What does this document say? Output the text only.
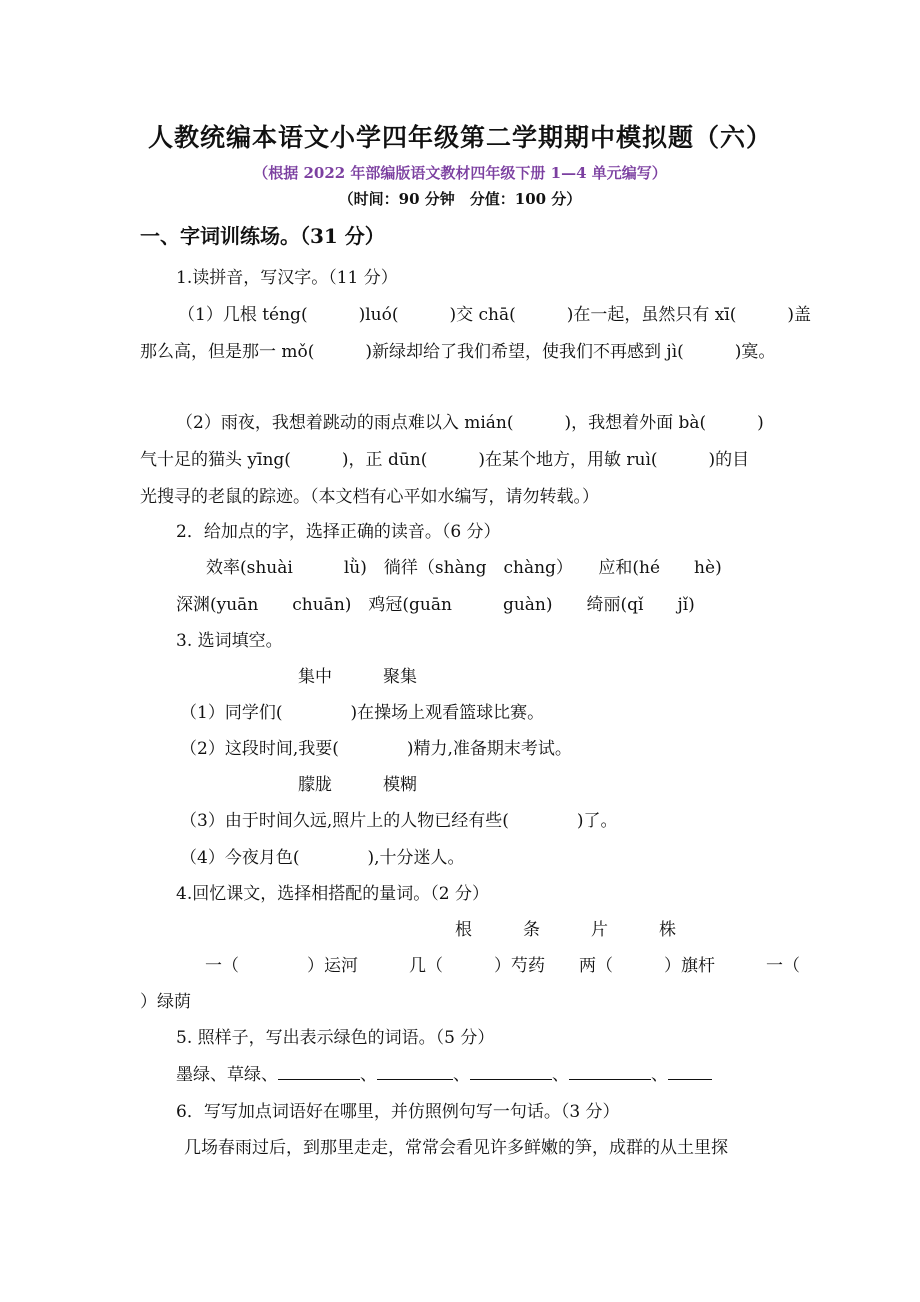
人教统编本语文小学四年级第二学期期中模拟题（六）
（根据 2022 年部编版语文教材四年级下册 1—4 单元编写）
（时间：90 分钟　分值：100 分）
一、字词训练场。（31 分）
1.读拼音，写汉字。（11 分）
（1）几根 téng(　　　)luó(　　　)交 chā(　　　)在一起，虽然只有 xī(　　　)盖
那么高，但是那一 mǒ(　　　)新绿却给了我们希望，使我们不再感到 jì(　　　)寞。
（2）雨夜，我想着跳动的雨点难以入 mián(　　　)，我想着外面 bà(　　　)
气十足的猫头 yīng(　　　)，正 dūn(　　　)在某个地方，用敏 ruì(　　　)的目
光搜寻的老鼠的踪迹。（本文档有心平如水编写，请勿转载。）
2．给加点的字，选择正确的读音。（6 分）
效率(shuài　　　lǜ)　徜徉（shàng　chàng）　　应和(hé　　hè)
深渊(yuān　　chuān)　鸡冠(guān　　　guàn)　　绮丽(qǐ　　jǐ)
3. 选词填空。
集中　　　聚集
（1）同学们(　　　　)在操场上观看篮球比赛。
（2）这段时间,我要(　　　　)精力,准备期末考试。
朦胧　　　模糊
（3）由于时间久远,照片上的人物已经有些(　　　　)了。
（4）今夜月色(　　　　),十分迷人。
4.回忆课文，选择相搭配的量词。（2 分）
根　　　条　　　片　　　株
一（　　　　）运河　　　几（　　　）芍药　　两（　　　）旗杆　　　一（
）绿荫
5. 照样子，写出表示绿色的词语。（5 分）
墨绿、草绿、	、	、	、	、
6．写写加点词语好在哪里，并仿照例句写一句话。（3 分）
几场春雨过后，到那里走走，常常会看见许多鲜嫩的笋，成群的从土里探
